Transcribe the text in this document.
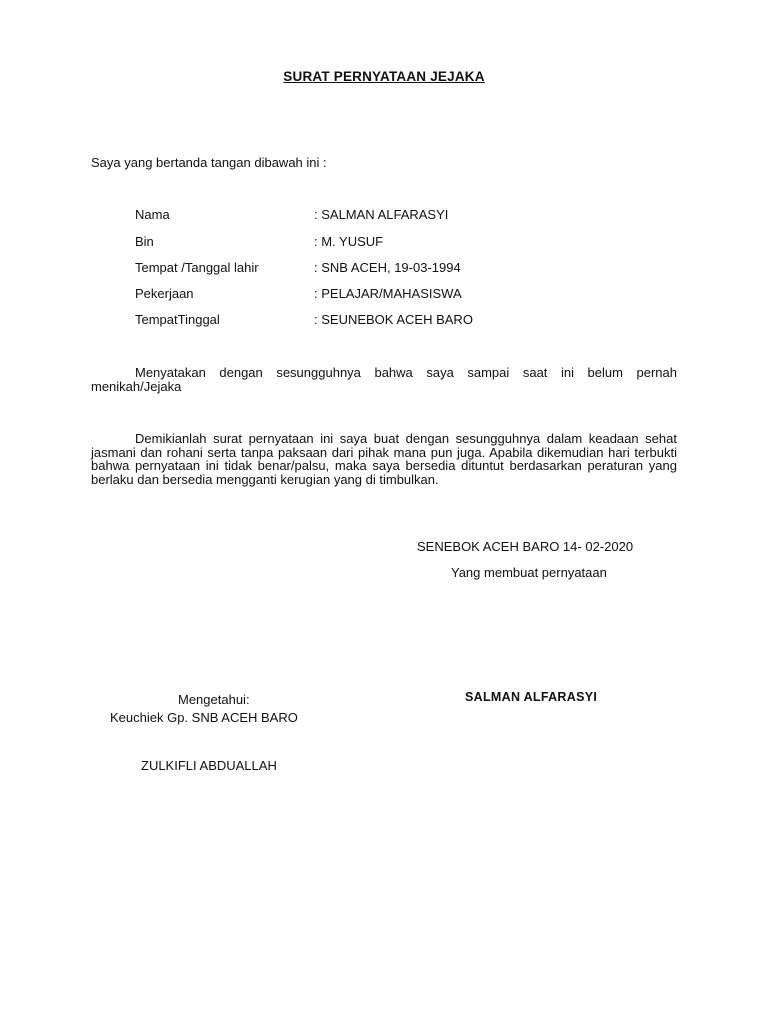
SURAT PERNYATAAN JEJAKA

Saya yang bertanda tangan dibawah ini :

Nama	: SALMAN ALFARASYI

Bin	: M. YUSUF

Tempat /Tanggal lahir	: SNB ACEH, 19-03-1994

Pekerjaan	: PELAJAR/MAHASISWA

TempatTinggal	: SEUNEBOK ACEH BARO

Menyatakan dengan sesungguhnya bahwa saya sampai saat ini belum pernah menikah/Jejaka

Demikianlah surat pernyataan ini saya buat dengan sesungguhnya dalam keadaan sehat jasmani dan rohani serta tanpa paksaan dari pihak mana pun juga. Apabila dikemudian hari terbukti bahwa pernyataan ini tidak benar/palsu, maka saya bersedia dituntut berdasarkan peraturan yang berlaku dan bersedia mengganti kerugian yang di timbulkan.

SENEBOK ACEH BARO 14- 02-2020

Yang membuat pernyataan

SALMAN ALFARASYI

Mengetahui:

Keuchiek Gp. SNB ACEH BARO

ZULKIFLI ABDUALLAH
